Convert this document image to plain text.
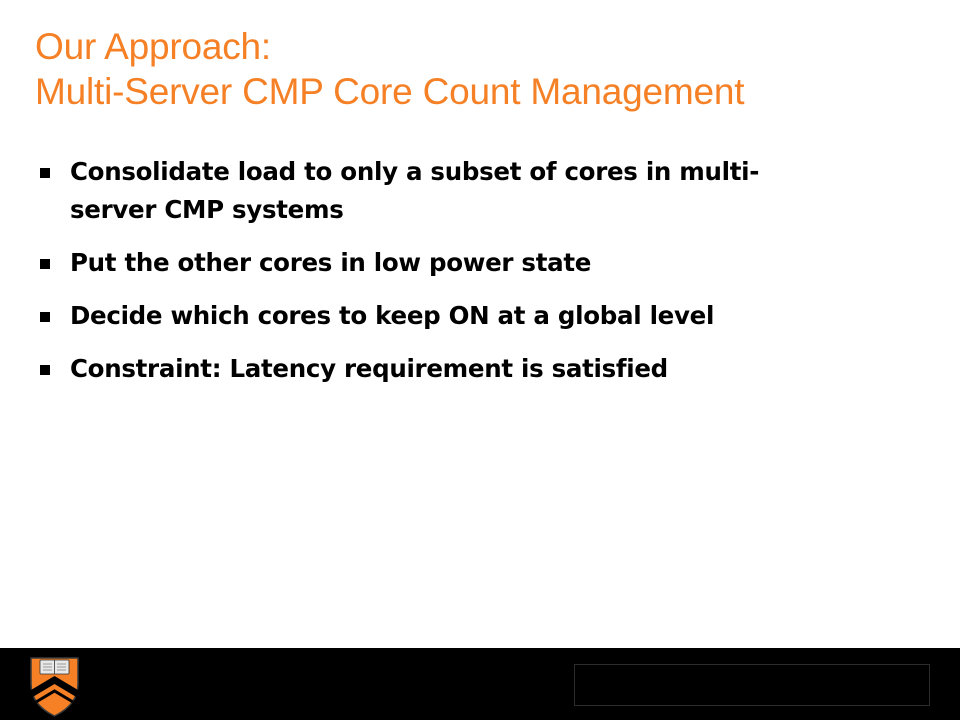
Our Approach:
Multi-Server CMP Core Count Management
Consolidate load to only a subset of cores in multi-
server CMP systems
Put the other cores in low power state
Decide which cores to keep ON at a global level
Constraint: Latency requirement is satisfied
